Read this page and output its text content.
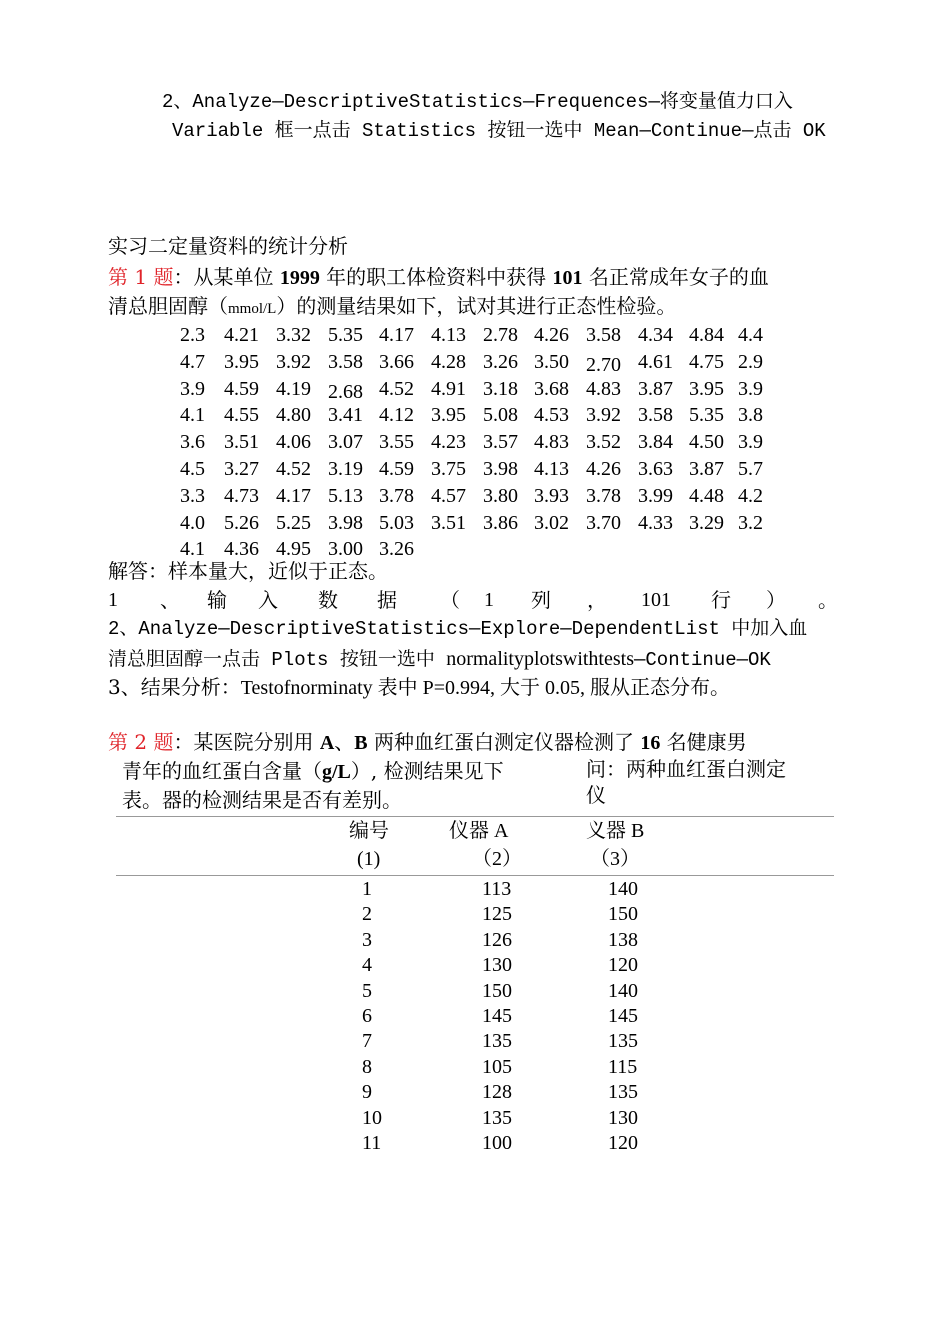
2、Analyze—DescriptiveStatistics—Frequences—将变量值力口入
Variable 框一点击 Statistics 按钮一选中 Mean—Continue—点击 OK
实习二定量资料的统计分析
第 1 题：从某单位 1999 年的职工体检资料中获得 101 名正常成年女子的血
清总胆固醇（mmol/L）的测量结果如下，试对其进行正态性检验。
2.3 4.21 3.32 5.35 4.17 4.13 2.78 4.26 3.58 4.34 4.84 4.4
4.7 3.95 3.92 3.58 3.66 4.28 3.26 3.50 2.70 4.61 4.75 2.9
3.9 4.59 4.19 2.68 4.52 4.91 3.18 3.68 4.83 3.87 3.95 3.9
4.1 4.55 4.80 3.41 4.12 3.95 5.08 4.53 3.92 3.58 5.35 3.8
3.6 3.51 4.06 3.07 3.55 4.23 3.57 4.83 3.52 3.84 4.50 3.9
4.5 3.27 4.52 3.19 4.59 3.75 3.98 4.13 4.26 3.63 3.87 5.7
3.3 4.73 4.17 5.13 3.78 4.57 3.80 3.93 3.78 3.99 4.48 4.2
4.0 5.26 5.25 3.98 5.03 3.51 3.86 3.02 3.70 4.33 3.29 3.2
4.1 4.36 4.95 3.00 3.26
解答：样本量大，近似于正态。
1 、 输 入 数 据 （ 1 列 ， 101 行 ） 。
2、Analyze—DescriptiveStatistics—Explore—DependentList 中加入血
清总胆固醇一点击 Plots 按钮一选中 normalityplotswithtests—Continue—OK
3、结果分析：Testofnorminaty 表中 P=0.994, 大于 0.05, 服从正态分布。
第 2 题：某医院分别用 A、B 两种血红蛋白测定仪器检测了 16 名健康男
青年的血红蛋白含量（g/L）, 检测结果见下
表。器的检测结果是否有差别。
问：两种血红蛋白测定
仪
编号	仪器 A	义器 B
(1)	（2）	（3）
1	113	140
2	125	150
3	126	138
4	130	120
5	150	140
6	145	145
7	135	135
8	105	115
9	128	135
10	135	130
11	100	120
